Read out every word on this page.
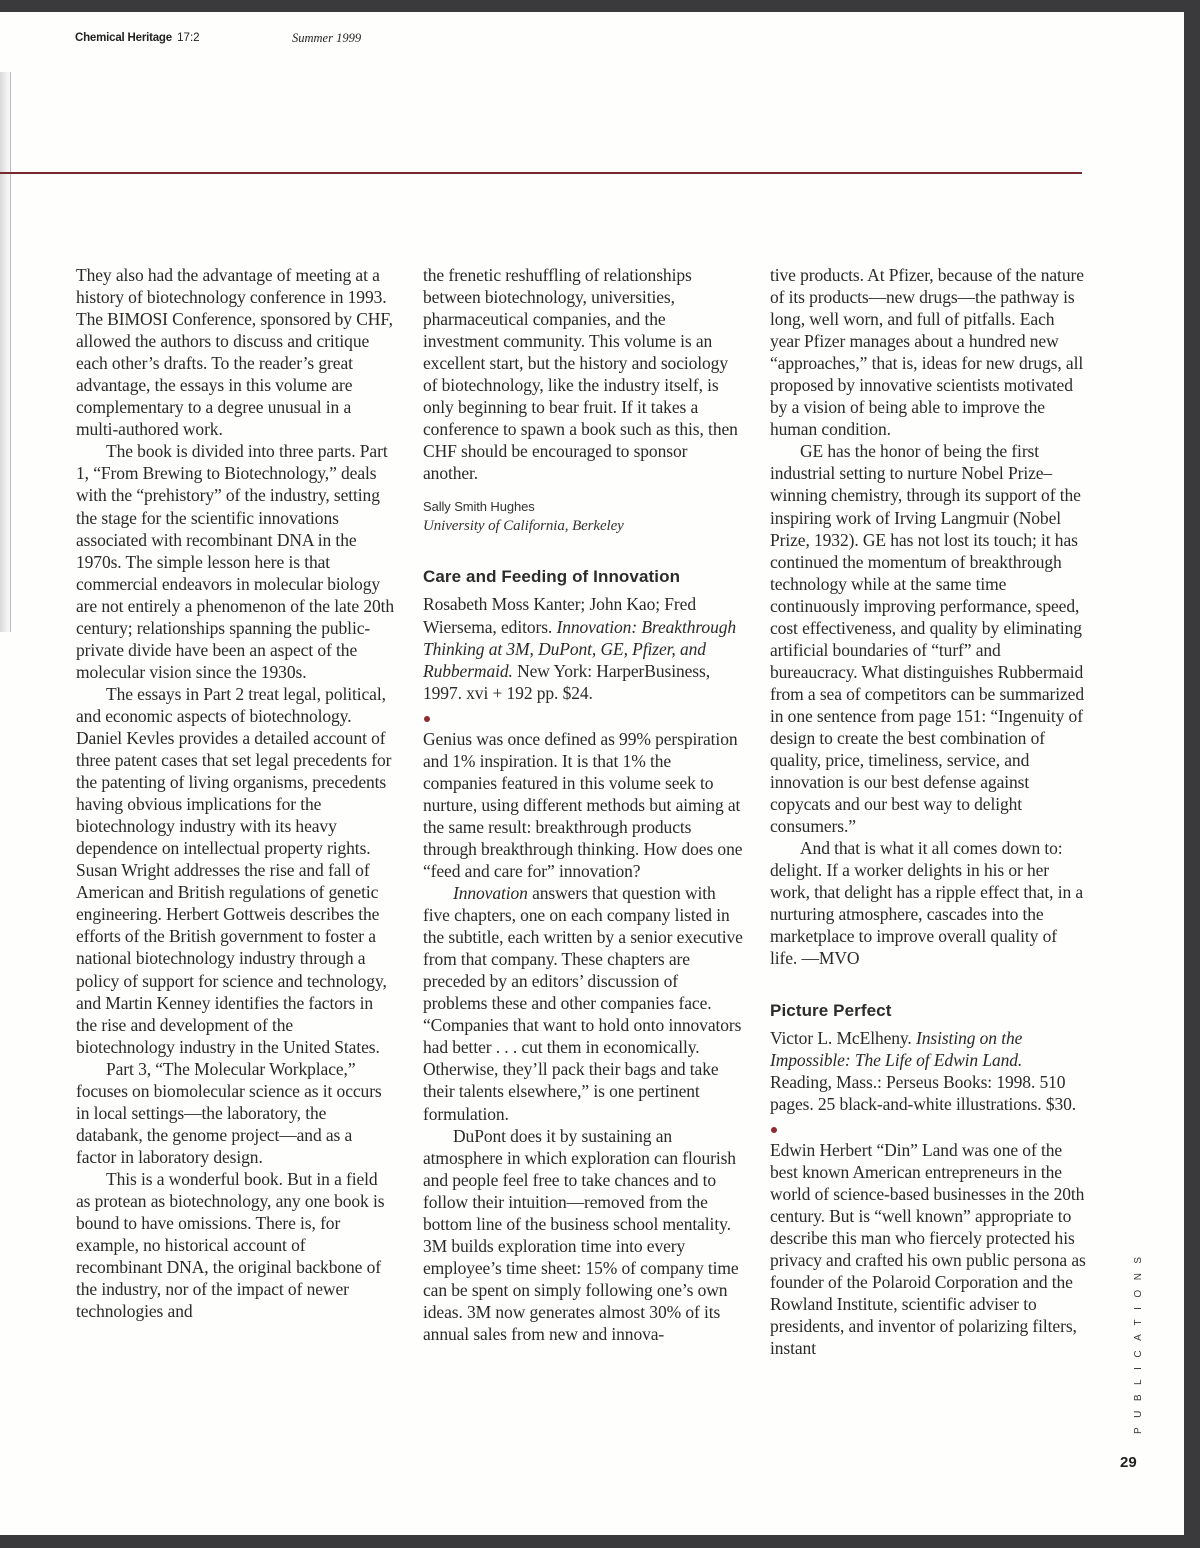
Chemical Heritage 17:2	Summer 1999

They also had the advantage of meeting at a history of biotechnology conference in 1993. The BIMOSI Conference, sponsored by CHF, allowed the authors to discuss and critique each other’s drafts. To the reader’s great advantage, the essays in this volume are complementary to a degree unusual in a multi-authored work.

The book is divided into three parts. Part 1, “From Brewing to Biotechnology,” deals with the “prehistory” of the industry, setting the stage for the scientific innovations associated with recombinant DNA in the 1970s. The simple lesson here is that commercial endeavors in molecular biology are not entirely a phenomenon of the late 20th century; relationships spanning the public-private divide have been an aspect of the molecular vision since the 1930s.

The essays in Part 2 treat legal, political, and economic aspects of biotechnology. Daniel Kevles provides a detailed account of three patent cases that set legal precedents for the patenting of living organisms, precedents having obvious implications for the biotechnology industry with its heavy dependence on intellectual property rights. Susan Wright addresses the rise and fall of American and British regulations of genetic engineering. Herbert Gottweis describes the efforts of the British government to foster a national biotechnology industry through a policy of support for science and technology, and Martin Kenney identifies the factors in the rise and development of the biotechnology industry in the United States.

Part 3, “The Molecular Workplace,” focuses on biomolecular science as it occurs in local settings—the laboratory, the databank, the genome project—and as a factor in laboratory design.

This is a wonderful book. But in a field as protean as biotechnology, any one book is bound to have omissions. There is, for example, no historical account of recombinant DNA, the original backbone of the industry, nor of the impact of newer technologies and

the frenetic reshuffling of relationships between biotechnology, universities, pharmaceutical companies, and the investment community. This volume is an excellent start, but the history and sociology of biotechnology, like the industry itself, is only beginning to bear fruit. If it takes a conference to spawn a book such as this, then CHF should be encouraged to sponsor another.

Sally Smith Hughes

University of California, Berkeley

Care and Feeding of Innovation

Rosabeth Moss Kanter; John Kao; Fred Wiersema, editors. Innovation: Breakthrough Thinking at 3M, DuPont, GE, Pfizer, and Rubbermaid. New York: HarperBusiness, 1997. xvi + 192 pp. $24.

Genius was once defined as 99% perspiration and 1% inspiration. It is that 1% the companies featured in this volume seek to nurture, using different methods but aiming at the same result: breakthrough products through breakthrough thinking. How does one “feed and care for” innovation?

Innovation answers that question with five chapters, one on each company listed in the subtitle, each written by a senior executive from that company. These chapters are preceded by an editors’ discussion of problems these and other companies face. “Companies that want to hold onto innovators had better . . . cut them in economically. Otherwise, they’ll pack their bags and take their talents elsewhere,” is one pertinent formulation.

DuPont does it by sustaining an atmosphere in which exploration can flourish and people feel free to take chances and to follow their intuition—removed from the bottom line of the business school mentality. 3M builds exploration time into every employee’s time sheet: 15% of company time can be spent on simply following one’s own ideas. 3M now generates almost 30% of its annual sales from new and innova-

tive products. At Pfizer, because of the nature of its products—new drugs—the pathway is long, well worn, and full of pitfalls. Each year Pfizer manages about a hundred new “approaches,” that is, ideas for new drugs, all proposed by innovative scientists motivated by a vision of being able to improve the human condition.

GE has the honor of being the first industrial setting to nurture Nobel Prize–winning chemistry, through its support of the inspiring work of Irving Langmuir (Nobel Prize, 1932). GE has not lost its touch; it has continued the momentum of breakthrough technology while at the same time continuously improving performance, speed, cost effectiveness, and quality by eliminating artificial boundaries of “turf” and bureaucracy. What distinguishes Rubbermaid from a sea of competitors can be summarized in one sentence from page 151: “Ingenuity of design to create the best combination of quality, price, timeliness, service, and innovation is our best defense against copycats and our best way to delight consumers.”

And that is what it all comes down to: delight. If a worker delights in his or her work, that delight has a ripple effect that, in a nurturing atmosphere, cascades into the marketplace to improve overall quality of life. —MVO

Picture Perfect

Victor L. McElheny. Insisting on the Impossible: The Life of Edwin Land. Reading, Mass.: Perseus Books: 1998. 510 pages. 25 black-and-white illustrations. $30.

Edwin Herbert “Din” Land was one of the best known American entrepreneurs in the world of science-based businesses in the 20th century. But is “well known” appropriate to describe this man who fiercely protected his privacy and crafted his own public persona as founder of the Polaroid Corporation and the Rowland Institute, scientific adviser to presidents, and inventor of polarizing filters, instant	PUBLICATIONS
29
